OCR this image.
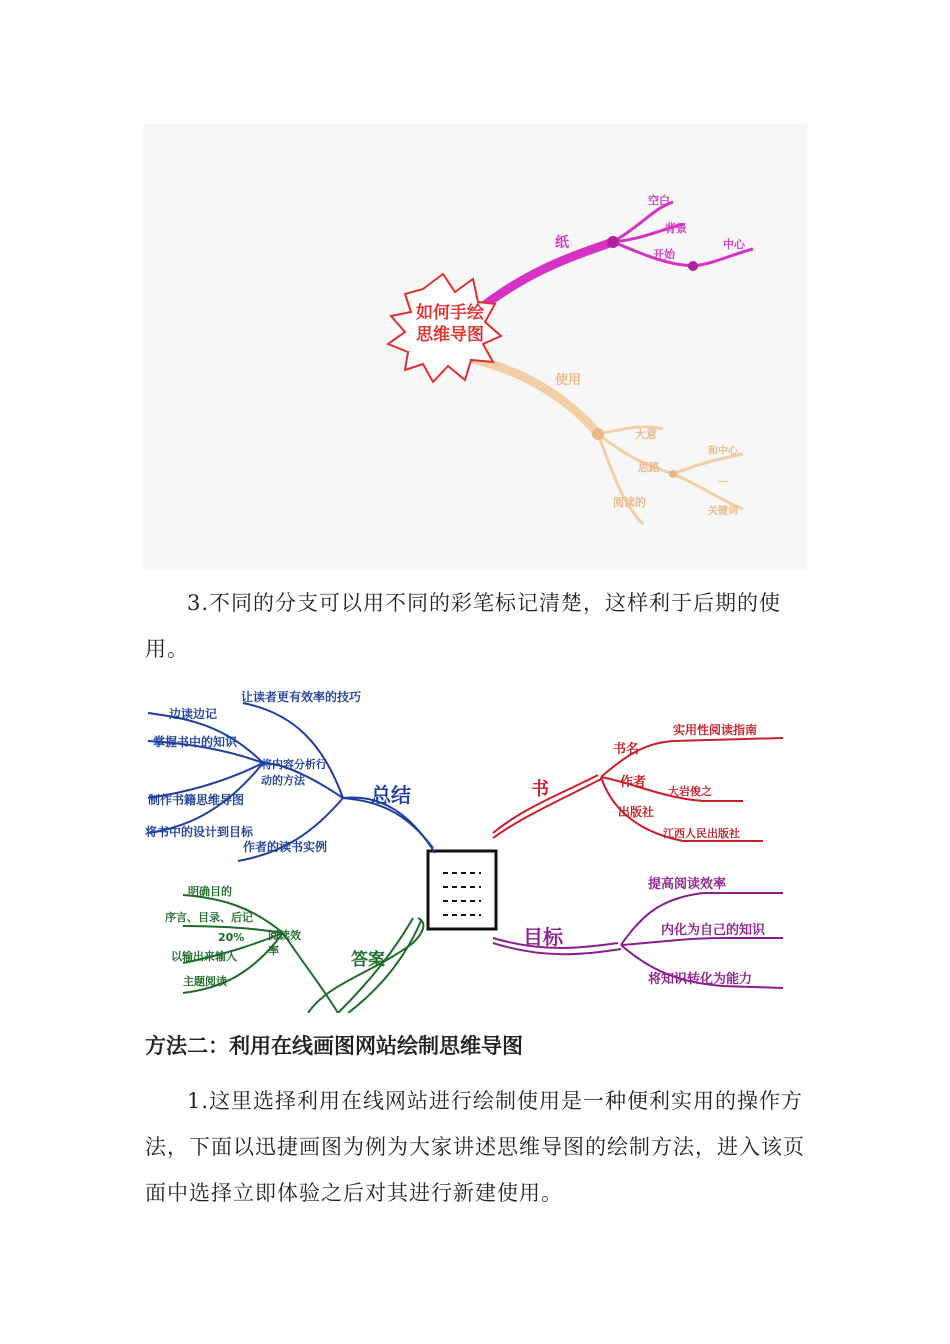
如何手绘
思维导图
纸
空白
背景
开始
中心
使用
大意
思路
阅读的
和中心
一
关键词

3.不同的分支可以用不同的彩笔标记清楚，这样利于后期的使用。

总结
边读边记
掌握书中的知识
制作书籍思维导图
将书中的设计到目标
让读者更有效率的技巧
将内容分析行动的方法
作者的读书实例
书
书名
实用性阅读指南
作者
大岩俊之
出版社
江西人民出版社
目标
提高阅读效率
内化为自己的知识
将知识转化为能力
答案
明确目的
序言、目录、后记
20%
以输出来输入
主题阅读
阅读效率
方法二：利用在线画图网站绘制思维导图

1.这里选择利用在线网站进行绘制使用是一种便利实用的操作方法，下面以迅捷画图为例为大家讲述思维导图的绘制方法，进入该页面中选择立即体验之后对其进行新建使用。
